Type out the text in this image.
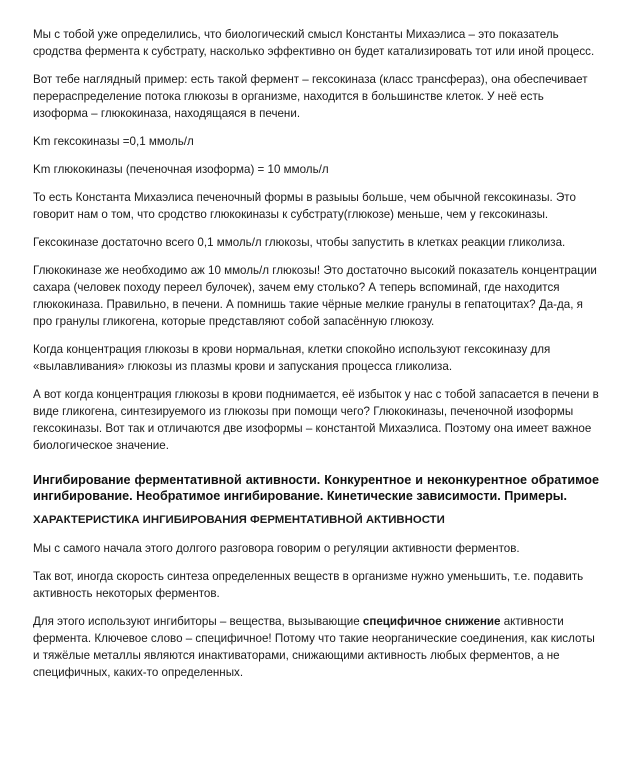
Мы с тобой уже определились, что биологический смысл Константы Михаэлиса – это показатель сродства фермента к субстрату, насколько эффективно он будет катализировать тот или иной процесс.

Вот тебе наглядный пример: есть такой фермент – гексокиназа (класс трансфераз), она обеспечивает перераспределение потока глюкозы в организме, находится в большинстве клеток. У неё есть изоформа – глюкокиназа, находящаяся в печени.

Km гексокиназы =0,1 ммоль/л

Km глюкокиназы (печеночная изоформа) = 10 ммоль/л

То есть Константа Михаэлиса печеночный формы в разыыы больше, чем обычной гексокиназы. Это говорит нам о том, что сродство глюкокиназы к субстрату(глюкозе) меньше, чем у гексокиназы.

Гексокиназе достаточно всего 0,1 ммоль/л глюкозы, чтобы запустить в клетках реакции гликолиза.

Глюкокиназе же необходимо аж 10 ммоль/л глюкозы! Это достаточно высокий показатель концентрации сахара (человек походу переел булочек), зачем ему столько? А теперь вспоминай, где находится глюкокиназа. Правильно, в печени. А помнишь такие чёрные мелкие гранулы в гепатоцитах? Да-да, я про гранулы гликогена, которые представляют собой запасённую глюкозу.

Когда концентрация глюкозы в крови нормальная, клетки спокойно используют гексокиназу для «вылавливания» глюкозы из плазмы крови и запускания процесса гликолиза.

А вот когда концентрация глюкозы в крови поднимается, её избыток у нас с тобой запасается в печени в виде гликогена, синтезируемого из глюкозы при помощи чего? Глюкокиназы, печеночной изоформы гексокиназы. Вот так и отличаются две изоформы – константой Михаэлиса. Поэтому она имеет важное биологическое значение.

Ингибирование ферментативной активности. Конкурентное и неконкурентное обратимое ингибирование. Необратимое ингибирование. Кинетические зависимости. Примеры.
ХАРАКТЕРИСТИКА ИНГИБИРОВАНИЯ ФЕРМЕНТАТИВНОЙ АКТИВНОСТИ

Мы с самого начала этого долгого разговора говорим о регуляции активности ферментов.

Так вот, иногда скорость синтеза определенных веществ в организме нужно уменьшить, т.е. подавить активность некоторых ферментов.

Для этого используют ингибиторы – вещества, вызывающие специфичное снижение активности фермента. Ключевое слово – специфичное! Потому что такие неорганические соединения, как кислоты и тяжёлые металлы являются инактиваторами, снижающими активность любых ферментов, а не специфичных, каких-то определенных.
